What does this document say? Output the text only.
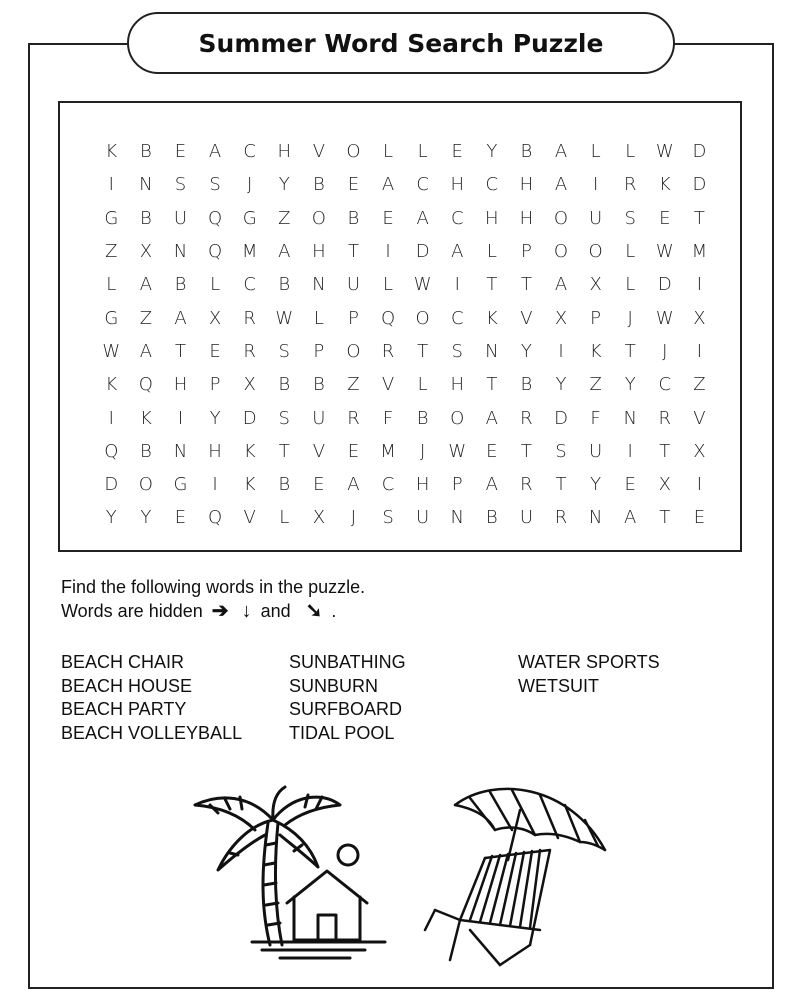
Summer Word Search Puzzle
K	B	E	A	C	H	V	O	L	L	E	Y	B	A	L	L	W	D
I	N	S	S	J	Y	B	E	A	C	H	C	H	A	I	R	K	D
G	B	U	Q	G	Z	O	B	E	A	C	H	H	O	U	S	E	T
Z	X	N	Q	M	A	H	T	I	D	A	L	P	O	O	L	W M
L	A	B	L	C	B	N	U	L	W	I	T	T	A	X	L	D	I
G	Z	A	X	R	W	L	P	Q	O	C	K	V	X	P	J	W	X
W	A	T	E	R	S	P	O	R	T	S	N	Y	I	K	T	J	I
K	Q	H	P	X	B	B	Z	V	L	H	T	B	Y	Z	Y	C	Z
I	K	I	Y	D	S	U	R	F	B	O	A	R	D	F	N	R	V
Q	B	N	H	K	T	V	E	M	J	W	E	T	S	U	I	T	X
D	O	G	I	K	B	E	A	C	H	P	A	R	T	Y	E	X	I
Y	Y	E	Q	V	L	X	J	S	U	N	B	U	R	N	A	T	E
Find the following words in the puzzle.
Words are hidden ➔ ↓ and ➘ .
BEACH CHAIR
BEACH HOUSE
BEACH PARTY
BEACH VOLLEYBALL
SUNBATHING
SUNBURN
SURFBOARD
TIDAL POOL
WATER SPORTS
WETSUIT
